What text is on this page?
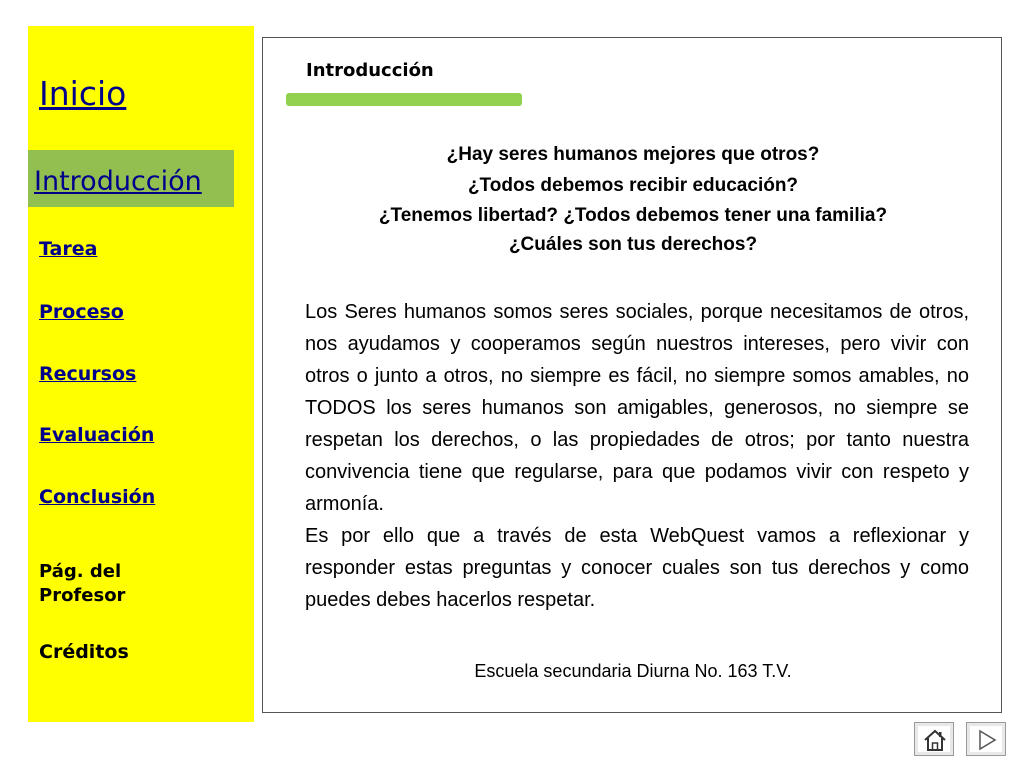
Inicio
Introducción
Tarea
Proceso
Recursos
Evaluación
Conclusión
Pág. del Profesor
Créditos
Introducción
¿Hay seres humanos mejores que otros?
¿Todos debemos recibir educación?
¿Tenemos libertad? ¿Todos debemos tener una familia?
¿Cuáles son tus derechos?

Los Seres humanos somos seres sociales, porque necesitamos de otros, nos ayudamos y cooperamos según nuestros intereses, pero vivir con otros o junto a otros, no siempre es fácil, no siempre somos amables, no TODOS los seres humanos son amigables, generosos, no siempre se respetan los derechos, o las propiedades de otros; por tanto nuestra convivencia tiene que regularse, para que podamos vivir con respeto y armonía.

Es por ello que a través de esta WebQuest vamos a reflexionar y responder estas preguntas y conocer cuales son tus derechos y como puedes debes hacerlos respetar.

Escuela secundaria Diurna No. 163 T.V.
